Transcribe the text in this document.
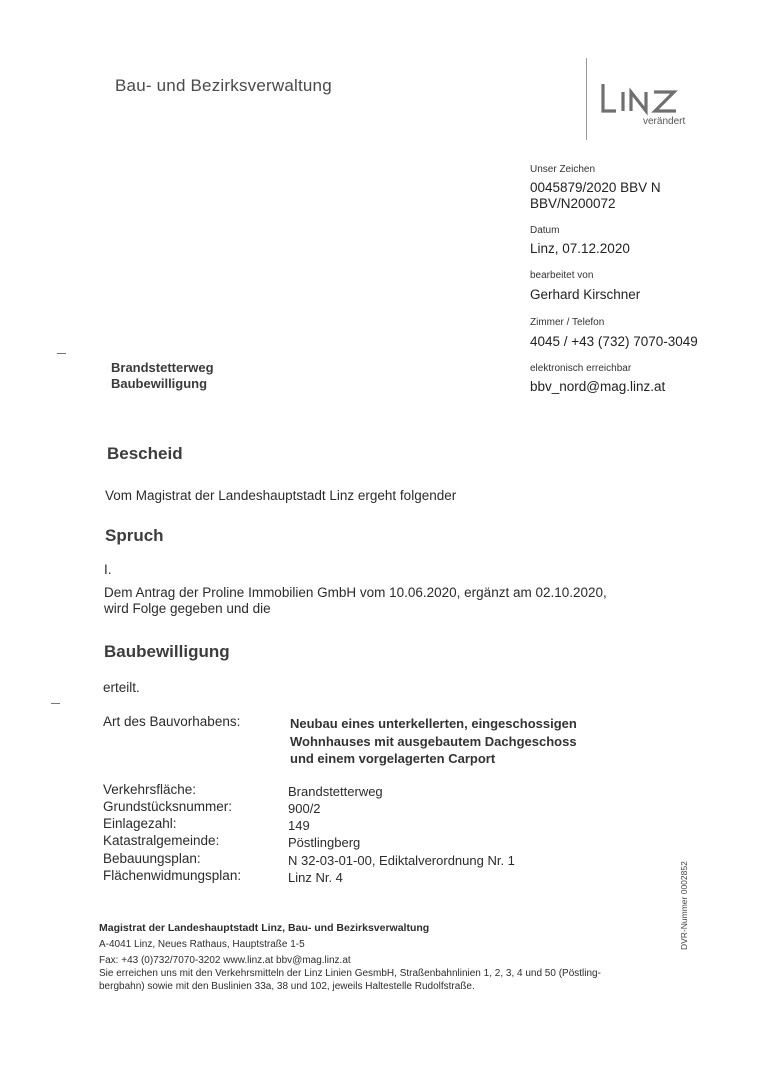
Bau- und Bezirksverwaltung
verändert
Unser Zeichen
0045879/2020 BBV N
BBV/N200072
Datum
Linz, 07.12.2020
bearbeitet von
Gerhard Kirschner
Zimmer / Telefon
4045 / +43 (732) 7070-3049
elektronisch erreichbar
bbv_nord@mag.linz.at
Brandstetterweg
Baubewilligung
Bescheid
Vom Magistrat der Landeshauptstadt Linz ergeht folgender
Spruch
I.
Dem Antrag der Proline Immobilien GmbH vom 10.06.2020, ergänzt am 02.10.2020,
wird Folge gegeben und die
Baubewilligung
erteilt.
Art des Bauvorhabens:	Neubau eines unterkellerten, eingeschossigen
Wohnhauses mit ausgebautem Dachgeschoss
und einem vorgelagerten Carport
Verkehrsfläche:	Brandstetterweg
Grundstücksnummer:	900/2
Einlagezahl:	149
Katastralgemeinde:	Pöstlingberg
Bebauungsplan:	N 32-03-01-00, Ediktalverordnung Nr. 1
Flächenwidmungsplan:	Linz Nr. 4
Magistrat der Landeshauptstadt Linz, Bau- und Bezirksverwaltung
A-4041 Linz, Neues Rathaus, Hauptstraße 1-5
Fax: +43 (0)732/7070-3202 www.linz.at bbv@mag.linz.at
Sie erreichen uns mit den Verkehrsmitteln der Linz Linien GesmbH, Straßenbahnlinien 1, 2, 3, 4 und 50 (Pöstling-
bergbahn) sowie mit den Buslinien 33a, 38 und 102, jeweils Haltestelle Rudolfstraße.
DVR-Nummer 0002852
